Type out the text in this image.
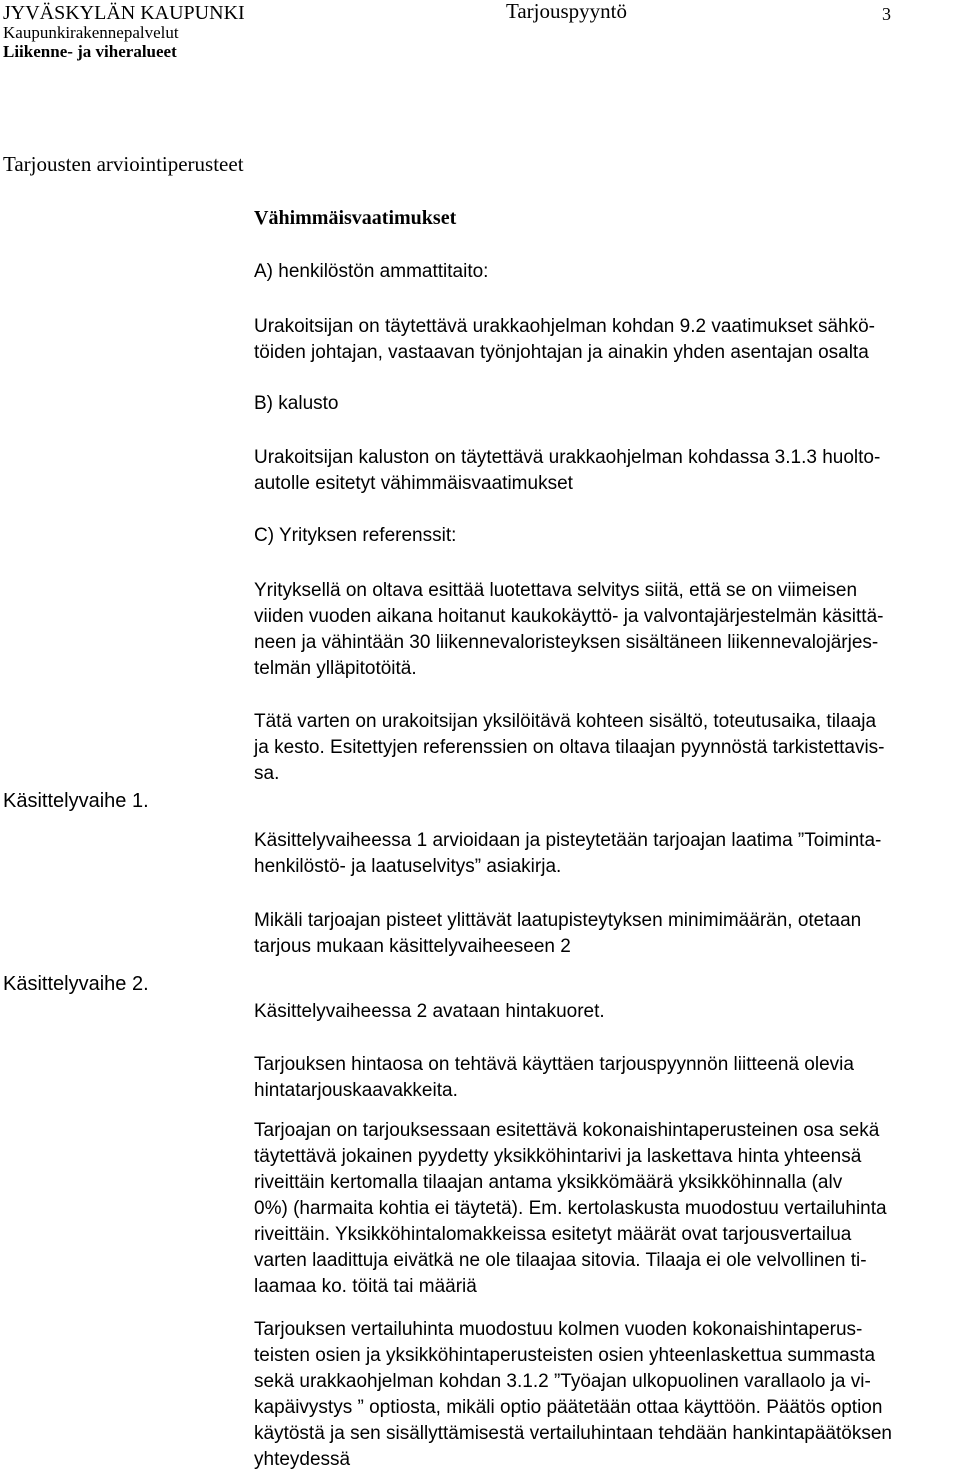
JYVÄSKYLÄN KAUPUNKI
Kaupunkirakennepalvelut
Liikenne- ja viheralueet
Tarjouspyyntö	3
Tarjousten arviointiperusteet
Vähimmäisvaatimukset
A) henkilöstön ammattitaito:
Urakoitsijan on täytettävä urakkaohjelman kohdan 9.2 vaatimukset sähkö-
töiden johtajan, vastaavan työnjohtajan ja ainakin yhden asentajan osalta
B) kalusto
Urakoitsijan kaluston on täytettävä urakkaohjelman kohdassa 3.1.3 huolto-
autolle esitetyt vähimmäisvaatimukset
C) Yrityksen referenssit:
Yrityksellä on oltava esittää luotettava selvitys siitä, että se on viimeisen
viiden vuoden aikana hoitanut kaukokäyttö- ja valvontajärjestelmän käsittä-
neen ja vähintään 30 liikennevaloristeyksen sisältäneen liikennevalojärjes-
telmän ylläpitotöitä.
Tätä varten on urakoitsijan yksilöitävä kohteen sisältö, toteutusaika, tilaaja
ja kesto. Esitettyjen referenssien on oltava tilaajan pyynnöstä tarkistettavis-
sa.
Käsittelyvaihe 1.
Käsittelyvaiheessa 1 arvioidaan ja pisteytetään tarjoajan laatima ”Toiminta-
henkilöstö- ja laatuselvitys” asiakirja.
Mikäli tarjoajan pisteet ylittävät laatupisteytyksen minimimäärän, otetaan
tarjous mukaan käsittelyvaiheeseen 2
Käsittelyvaihe 2.
Käsittelyvaiheessa 2 avataan hintakuoret.
Tarjouksen hintaosa on tehtävä käyttäen tarjouspyynnön liitteenä olevia
hintatarjouskaavakkeita.
Tarjoajan on tarjouksessaan esitettävä kokonaishintaperusteinen osa sekä
täytettävä jokainen pyydetty yksikköhintarivi ja laskettava hinta yhteensä
riveittäin kertomalla tilaajan antama yksikkömäärä yksikköhinnalla (alv
0%) (harmaita kohtia ei täytetä). Em. kertolaskusta muodostuu vertailuhinta
riveittäin. Yksikköhintalomakkeissa esitetyt määrät ovat tarjousvertailua
varten laadittuja eivätkä ne ole tilaajaa sitovia. Tilaaja ei ole velvollinen ti-
laamaa ko. töitä tai määriä
Tarjouksen vertailuhinta muodostuu kolmen vuoden kokonaishintaperus-
teisten osien ja yksikköhintaperusteisten osien yhteenlaskettua summasta
sekä urakkaohjelman kohdan 3.1.2 ”Työajan ulkopuolinen varallaolo ja vi-
kapäivystys ” optiosta, mikäli optio päätetään ottaa käyttöön. Päätös option
käytöstä ja sen sisällyttämisestä vertailuhintaan tehdään hankintapäätöksen
yhteydessä
